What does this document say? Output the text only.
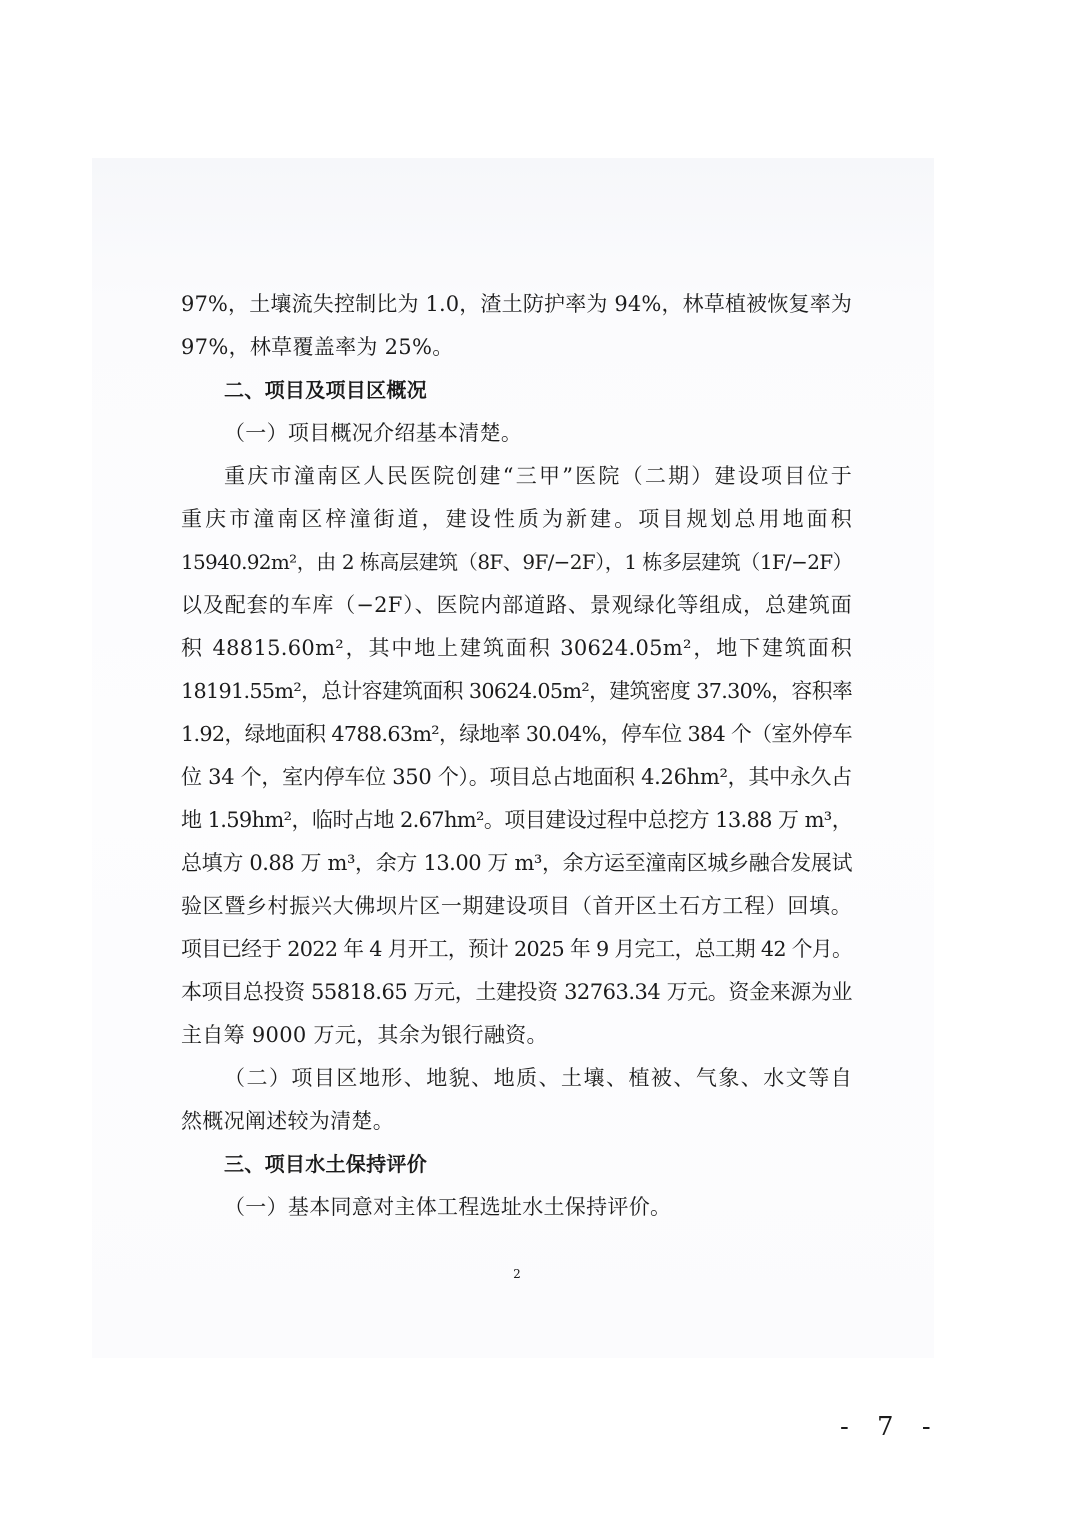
97%，土壤流失控制比为 1.0，渣土防护率为 94%，林草植被恢复率为
97%，林草覆盖率为 25%。
二、项目及项目区概况
（一）项目概况介绍基本清楚。
重庆市潼南区人民医院创建“三甲”医院（二期）建设项目位于
重庆市潼南区梓潼街道，建设性质为新建。项目规划总用地面积
15940.92m²，由 2 栋高层建筑（8F、9F/−2F），1 栋多层建筑（1F/−2F）
以及配套的车库（−2F）、医院内部道路、景观绿化等组成，总建筑面
积 48815.60m²，其中地上建筑面积 30624.05m²，地下建筑面积
18191.55m²，总计容建筑面积 30624.05m²，建筑密度 37.30%，容积率
1.92，绿地面积 4788.63m²，绿地率 30.04%，停车位 384 个（室外停车
位 34 个，室内停车位 350 个）。项目总占地面积 4.26hm²，其中永久占
地 1.59hm²，临时占地 2.67hm²。项目建设过程中总挖方 13.88 万 m³，
总填方 0.88 万 m³，余方 13.00 万 m³，余方运至潼南区城乡融合发展试
验区暨乡村振兴大佛坝片区一期建设项目（首开区土石方工程）回填。
项目已经于 2022 年 4 月开工，预计 2025 年 9 月完工，总工期 42 个月。
本项目总投资 55818.65 万元，土建投资 32763.34 万元。资金来源为业
主自筹 9000 万元，其余为银行融资。
（二）项目区地形、地貌、地质、土壤、植被、气象、水文等自
然概况阐述较为清楚。
三、项目水土保持评价
（一）基本同意对主体工程选址水土保持评价。
2
- 7 -
